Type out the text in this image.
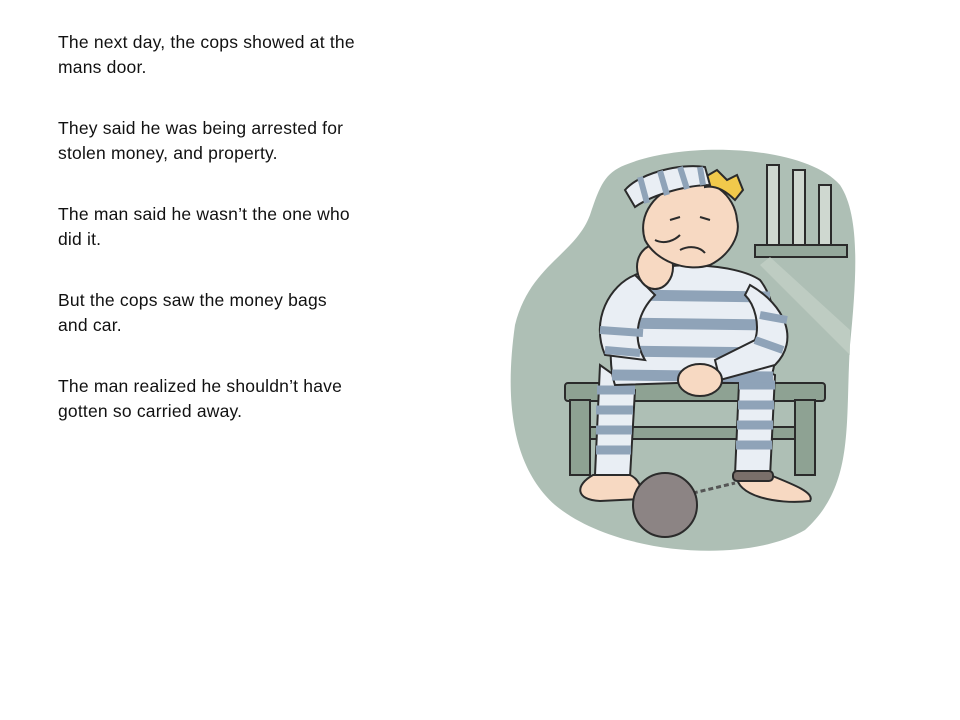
The next day, the cops showed at the mans door.

They said he was being arrested for stolen money, and property.

The man said he wasn’t the one who did it.

But the cops saw the money bags and car.

The man realized he shouldn’t have gotten so carried away.
